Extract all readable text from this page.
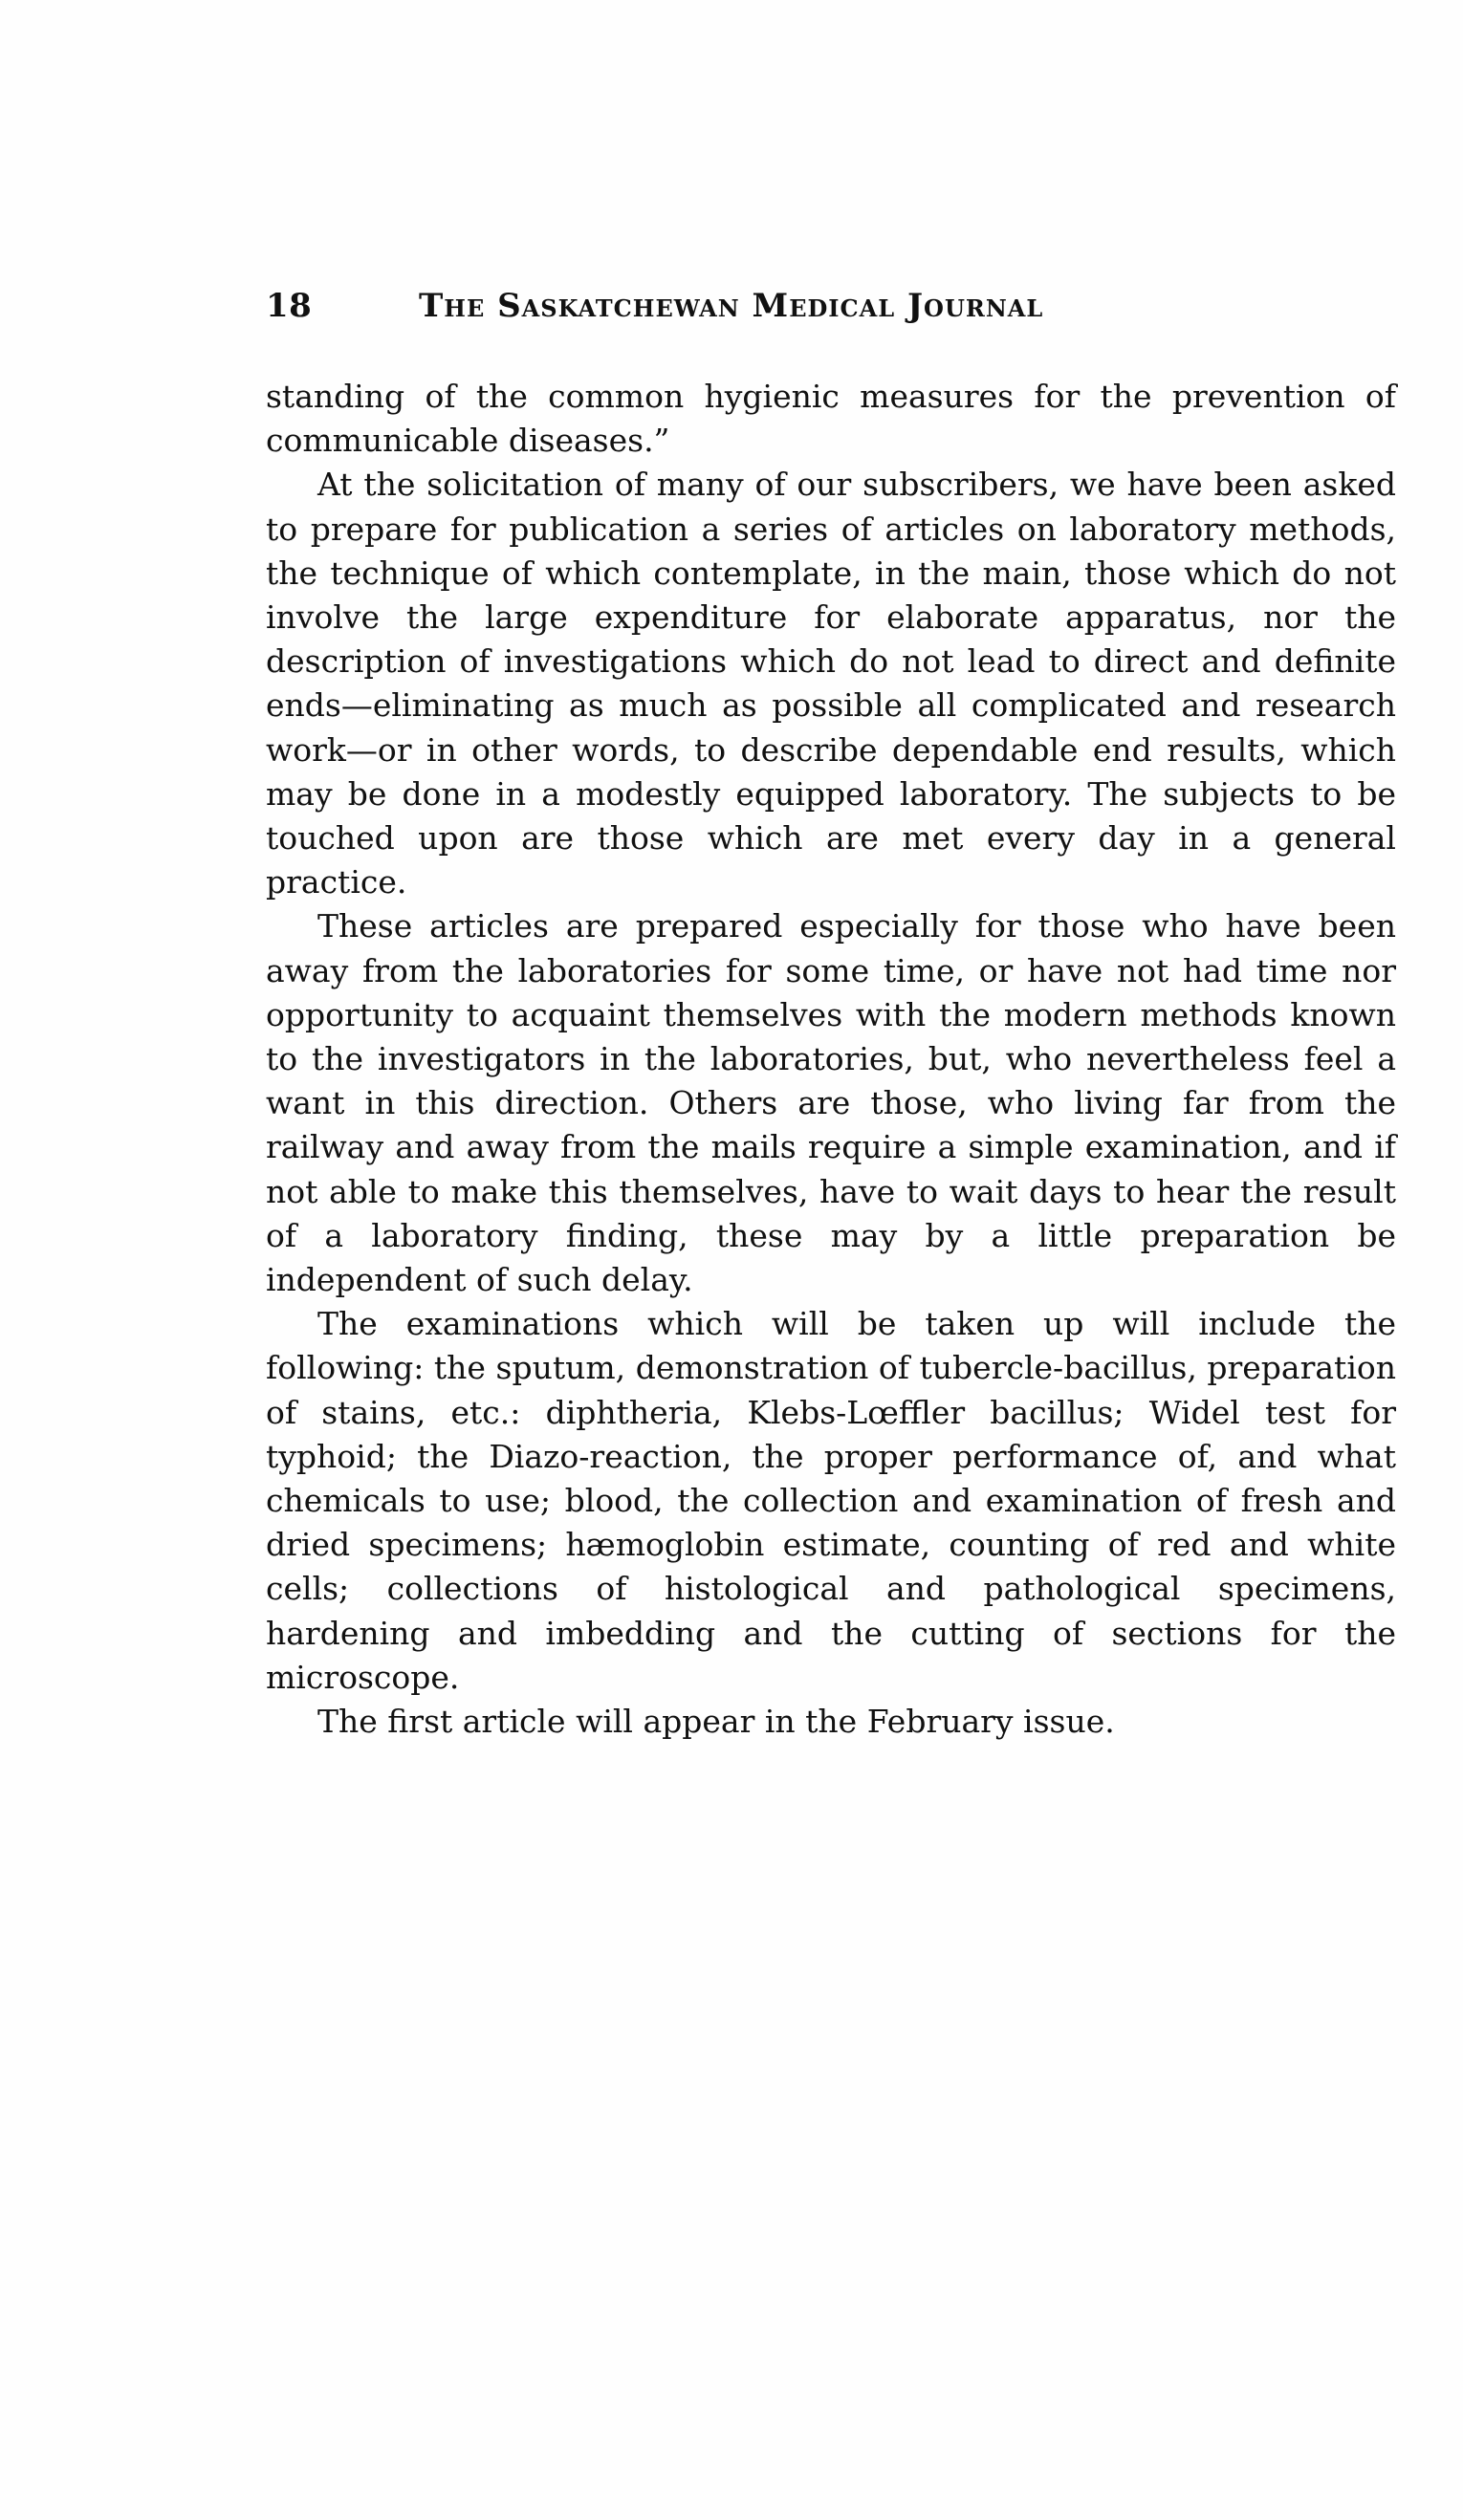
18	The Saskatchewan Medical Journal

standing of the common hygienic measures for the prevention of communicable diseases.”

At the solicitation of many of our subscribers, we have been asked to prepare for publication a series of articles on laboratory methods, the technique of which contemplate, in the main, those which do not involve the large expenditure for elaborate apparatus, nor the description of investigations which do not lead to direct and definite ends—eliminating as much as possible all complicated and research work—or in other words, to describe dependable end results, which may be done in a modestly equipped laboratory. The subjects to be touched upon are those which are met every day in a general practice.

These articles are prepared especially for those who have been away from the laboratories for some time, or have not had time nor opportunity to acquaint themselves with the modern methods known to the investigators in the laboratories, but, who nevertheless feel a want in this direction. Others are those, who living far from the railway and away from the mails require a simple examination, and if not able to make this themselves, have to wait days to hear the result of a laboratory finding, these may by a little preparation be independent of such delay.

The examinations which will be taken up will include the following: the sputum, demonstration of tubercle-bacillus, preparation of stains, etc.: diphtheria, Klebs-Lœffler bacillus; Widel test for typhoid; the Diazo-reaction, the proper performance of, and what chemicals to use; blood, the collection and examination of fresh and dried specimens; hæmoglobin estimate, counting of red and white cells; collections of histological and pathological specimens, hardening and imbedding and the cutting of sections for the microscope.

The first article will appear in the February issue.
